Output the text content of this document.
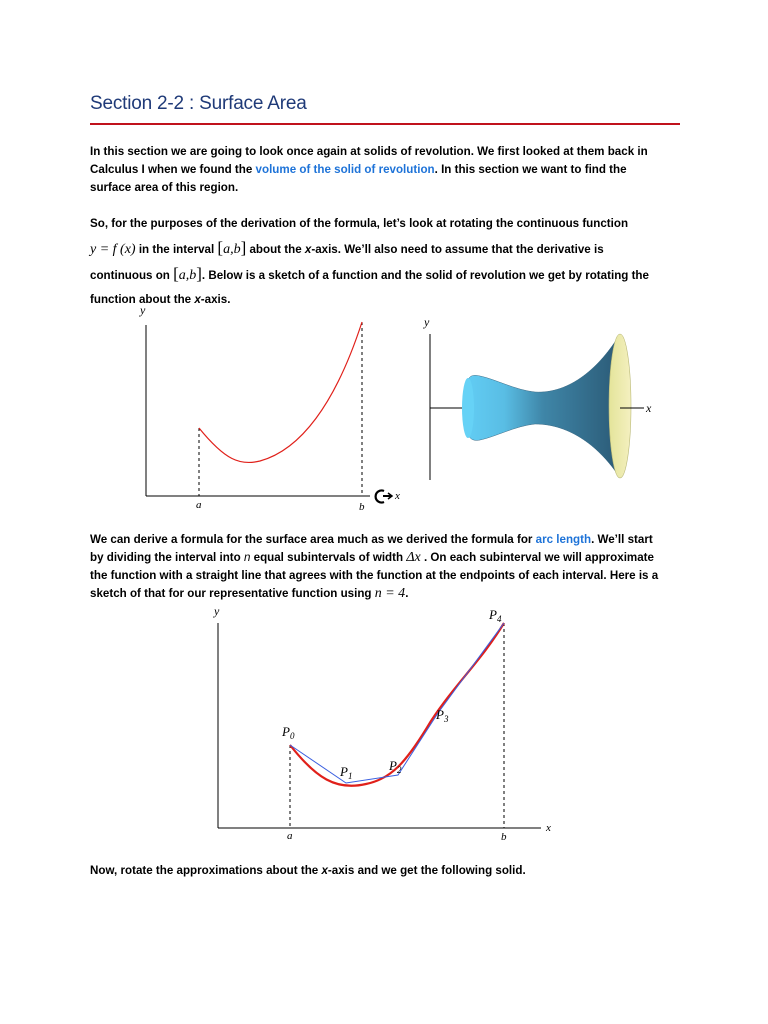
Section 2-2 : Surface Area

In this section we are going to look once again at solids of revolution. We first looked at them back in
Calculus I when we found the volume of the solid of revolution. In this section we want to find the
surface area of this region.

So, for the purposes of the derivation of the formula, let’s look at rotating the continuous function
y = f (x) in the interval [a,b] about the x-axis. We’ll also need to assume that the derivative is
continuous on [a,b]. Below is a sketch of a function and the solid of revolution we get by rotating the
function about the x-axis.

y
a	b
x
y
x

We can derive a formula for the surface area much as we derived the formula for arc length. We’ll start
by dividing the interval into n equal subintervals of width Δx . On each subinterval we will approximate
the function with a straight line that agrees with the function at the endpoints of each interval. Here is a
sketch of that for our representative function using n = 4.

y
x
$P_0$
$P_1$
$P_2$
$P_3$
$P_4$
a	b

Now, rotate the approximations about the x-axis and we get the following solid.
